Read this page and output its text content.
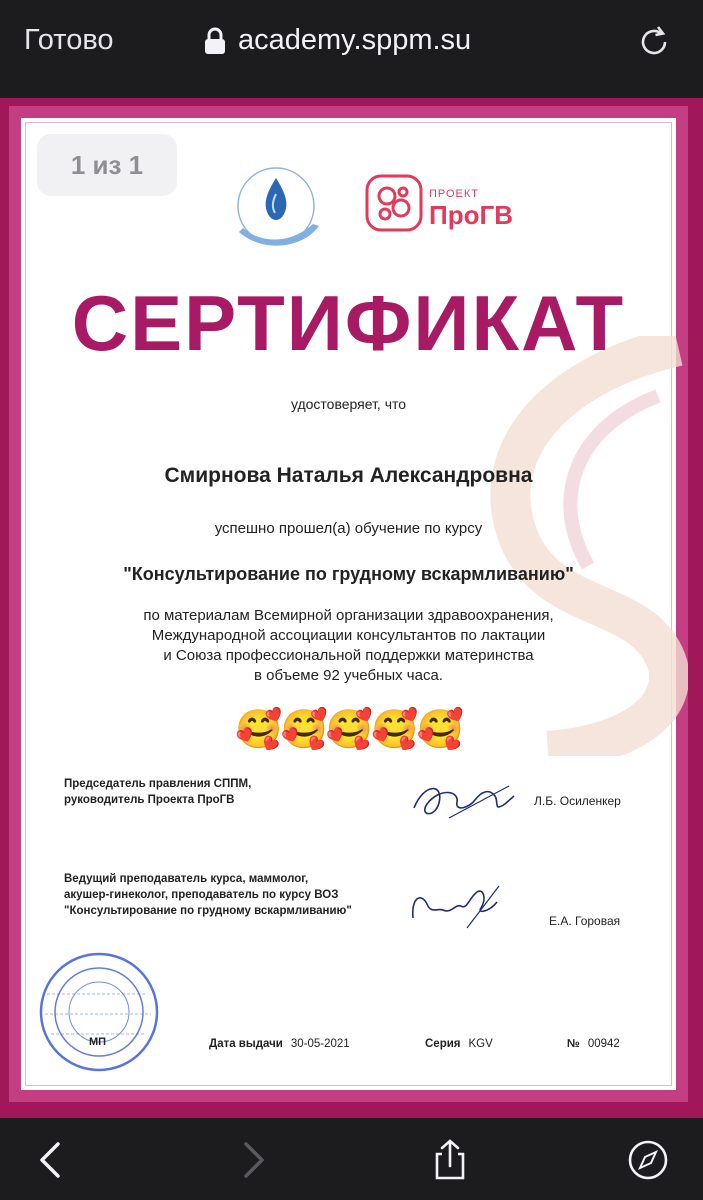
Готово	academy.sppm.su
1 из 1
ПРОЕКТ
ПроГВ
СЕРТИФИКАТ
удостоверяет, что
Смирнова Наталья Александровна
успешно прошел(а) обучение по курсу
"Консультирование по грудному вскармливанию"
по материалам Всемирной организации здравоохранения,
Международной ассоциации консультантов по лактации
и Союза профессиональной поддержки материнства
в объеме 92 учебных часа.
🥰🥰🥰🥰🥰
Председатель правления СППМ,
руководитель Проекта ПроГВ	Л.Б. Осиленкер
Ведущий преподаватель курса, маммолог,
акушер-гинеколог, преподаватель по курсу ВОЗ
"Консультирование по грудному вскармливанию"
Е.А. Горовая
МП	Дата выдачи 30-05-2021	Серия KGV	№ 00942
